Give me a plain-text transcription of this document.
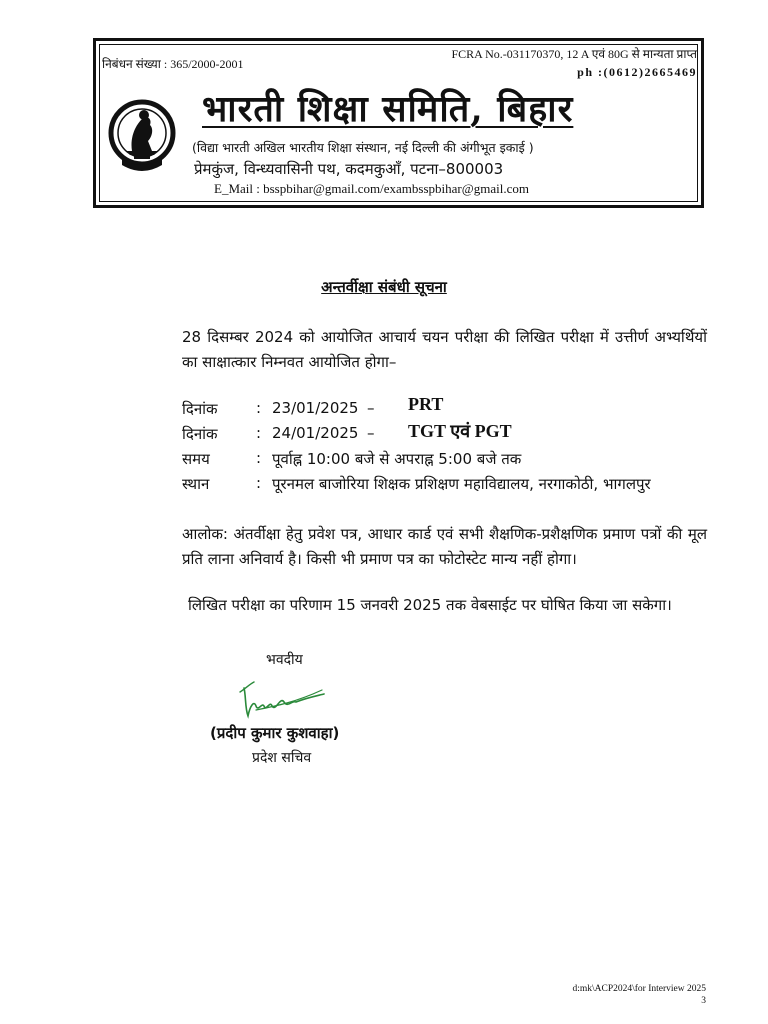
निबंधन संख्या : 365/2000-2001
FCRA No.-031170370, 12 A एवं 80G से मान्यता प्राप्त
ph :(0612)2665469
भारती शिक्षा समिति, बिहार
(विद्या भारती अखिल भारतीय शिक्षा संस्थान, नई दिल्ली की अंगीभूत इकाई )
प्रेमकुंज, विन्ध्यवासिनी पथ, कदमकुआँ, पटना–800003
E_Mail : bsspbihar@gmail.com/exambsspbihar@gmail.com
अन्तर्वीक्षा संबंधी सूचना
28 दिसम्बर 2024 को आयोजित आचार्य चयन परीक्षा की लिखित परीक्षा में उत्तीर्ण अभ्यर्थियों का साक्षात्कार निम्नवत आयोजित होगा–
दिनांक	: 23/01/2025 – PRT
दिनांक	: 24/01/2025 – TGT एवं PGT
समय	: पूर्वाह्न 10:00 बजे से अपराह्न 5:00 बजे तक
स्थान	: पूरनमल बाजोरिया शिक्षक प्रशिक्षण महाविद्यालय, नरगाकोठी, भागलपुर
आलोक: अंतर्वीक्षा हेतु प्रवेश पत्र, आधार कार्ड एवं सभी शैक्षणिक-प्रशैक्षणिक प्रमाण पत्रों की मूल प्रति लाना अनिवार्य है। किसी भी प्रमाण पत्र का फोटोस्टेट मान्य नहीं होगा।
लिखित परीक्षा का परिणाम 15 जनवरी 2025 तक वेबसाईट पर घोषित किया जा सकेगा।
भवदीय
(प्रदीप कुमार कुशवाहा)
प्रदेश सचिव
d:mk\ACP2024\for Interview 2025
3
